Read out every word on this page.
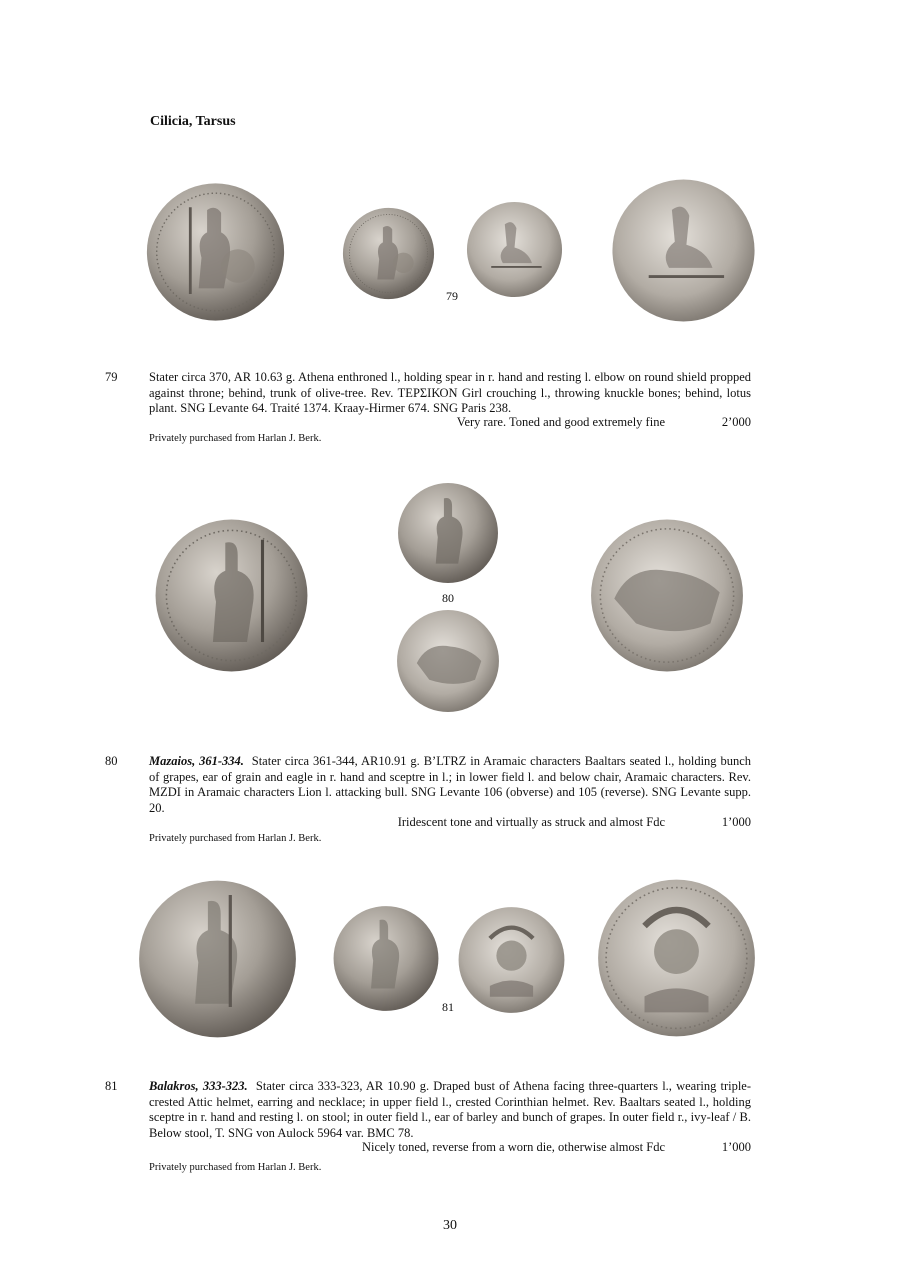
Cilicia, Tarsus
79
79	Stater circa 370, AR 10.63 g. Athena enthroned l., holding spear in r. hand and resting l. elbow on round shield propped against throne; behind, trunk of olive-tree. Rev. ΤΕΡΣΙΚΟΝ Girl crouching l., throwing knuckle bones; behind, lotus plant. SNG Levante 64. Traité 1374. Kraay-Hirmer 674. SNG Paris 238.
Very rare. Toned and good extremely fine	2’000
Privately purchased from Harlan J. Berk.
80
80	Mazaios, 361-334. Stater circa 361-344, AR10.91 g. B’LTRZ in Aramaic characters Baaltars seated l., holding bunch of grapes, ear of grain and eagle in r. hand and sceptre in l.; in lower field l. and below chair, Aramaic characters. Rev. MZDI in Aramaic characters Lion l. attacking bull. SNG Levante 106 (obverse) and 105 (reverse). SNG Levante supp. 20.
Iridescent tone and virtually as struck and almost Fdc	1’000
Privately purchased from Harlan J. Berk.
81
81	Balakros, 333-323. Stater circa 333-323, AR 10.90 g. Draped bust of Athena facing three-quarters l., wearing triple-crested Attic helmet, earring and necklace; in upper field l., crested Corinthian helmet. Rev. Baaltars seated l., holding sceptre in r. hand and resting l. on stool; in outer field l., ear of barley and bunch of grapes. In outer field r., ivy-leaf / B. Below stool, T. SNG von Aulock 5964 var. BMC 78.
Nicely toned, reverse from a worn die, otherwise almost Fdc	1’000
Privately purchased from Harlan J. Berk.
30
